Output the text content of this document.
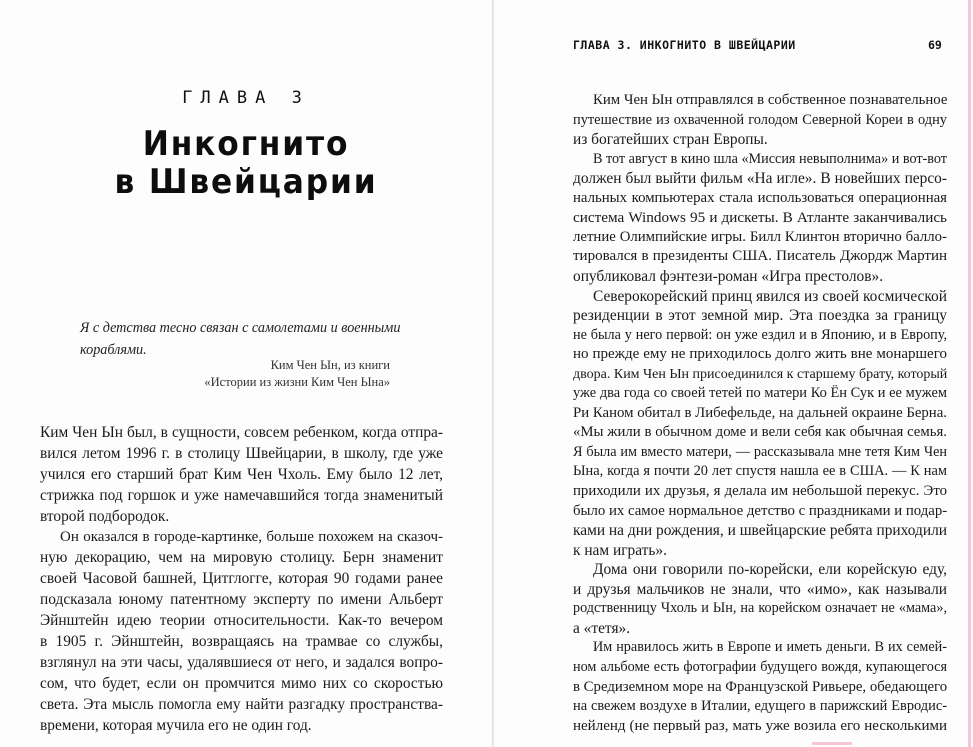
ГЛАВА 3
Инкогнито
в Швейцарии
Я с детства тесно связан с самолетами и военными
кораблями.
Ким Чен Ын, из книги
«Истории из жизни Ким Чен Ына»
Ким Чен Ын был, в сущности, совсем ребенком, когда отпра-
вился летом 1996 г. в столицу Швейцарии, в школу, где уже
учился его старший брат Ким Чен Чхоль. Ему было 12 лет,
стрижка под горшок и уже намечавшийся тогда знаменитый
второй подбородок.
Он оказался в городе-картинке, больше похожем на сказоч-
ную декорацию, чем на мировую столицу. Берн знаменит
своей Часовой башней, Цитглогге, которая 90 годами ранее
подсказала юному патентному эксперту по имени Альберт
Эйнштейн идею теории относительности. Как-то вечером
в 1905 г. Эйнштейн, возвращаясь на трамвае со службы,
взглянул на эти часы, удалявшиеся от него, и задался вопро-
сом, что будет, если он промчится мимо них со скоростью
света. Эта мысль помогла ему найти разгадку пространства-
времени, которая мучила его не один год.
ГЛАВА 3. ИНКОГНИТО В ШВЕЙЦАРИИ	69
Ким Чен Ын отправлялся в собственное познавательное
путешествие из охваченной голодом Северной Кореи в одну
из богатейших стран Европы.
В тот август в кино шла «Миссия невыполнима» и вот-вот
должен был выйти фильм «На игле». В новейших персо-
нальных компьютерах стала использоваться операционная
система Windows 95 и дискеты. В Атланте заканчивались
летние Олимпийские игры. Билл Клинтон вторично балло-
тировался в президенты США. Писатель Джордж Мартин
опубликовал фэнтези-роман «Игра престолов».
Северокорейский принц явился из своей космической
резиденции в этот земной мир. Эта поездка за границу
не была у него первой: он уже ездил и в Японию, и в Европу,
но прежде ему не приходилось долго жить вне монаршего
двора. Ким Чен Ын присоединился к старшему брату, который
уже два года со своей тетей по матери Ко Ён Сук и ее мужем
Ри Каном обитал в Либефельде, на дальней окраине Берна.
«Мы жили в обычном доме и вели себя как обычная семья.
Я была им вместо матери, — рассказывала мне тетя Ким Чен
Ына, когда я почти 20 лет спустя нашла ее в США. — К нам
приходили их друзья, я делала им небольшой перекус. Это
было их самое нормальное детство с праздниками и подар-
ками на дни рождения, и швейцарские ребята приходили
к нам играть».
Дома они говорили по-корейски, ели корейскую еду,
и друзья мальчиков не знали, что «имо», как называли
родственницу Чхоль и Ын, на корейском означает не «мама»,
а «тетя».
Им нравилось жить в Европе и иметь деньги. В их семей-
ном альбоме есть фотографии будущего вождя, купающегося
в Средиземном море на Французской Ривьере, обедающего
на свежем воздухе в Италии, едущего в парижский Евродис-
нейленд (не первый раз, мать уже возила его несколькими
